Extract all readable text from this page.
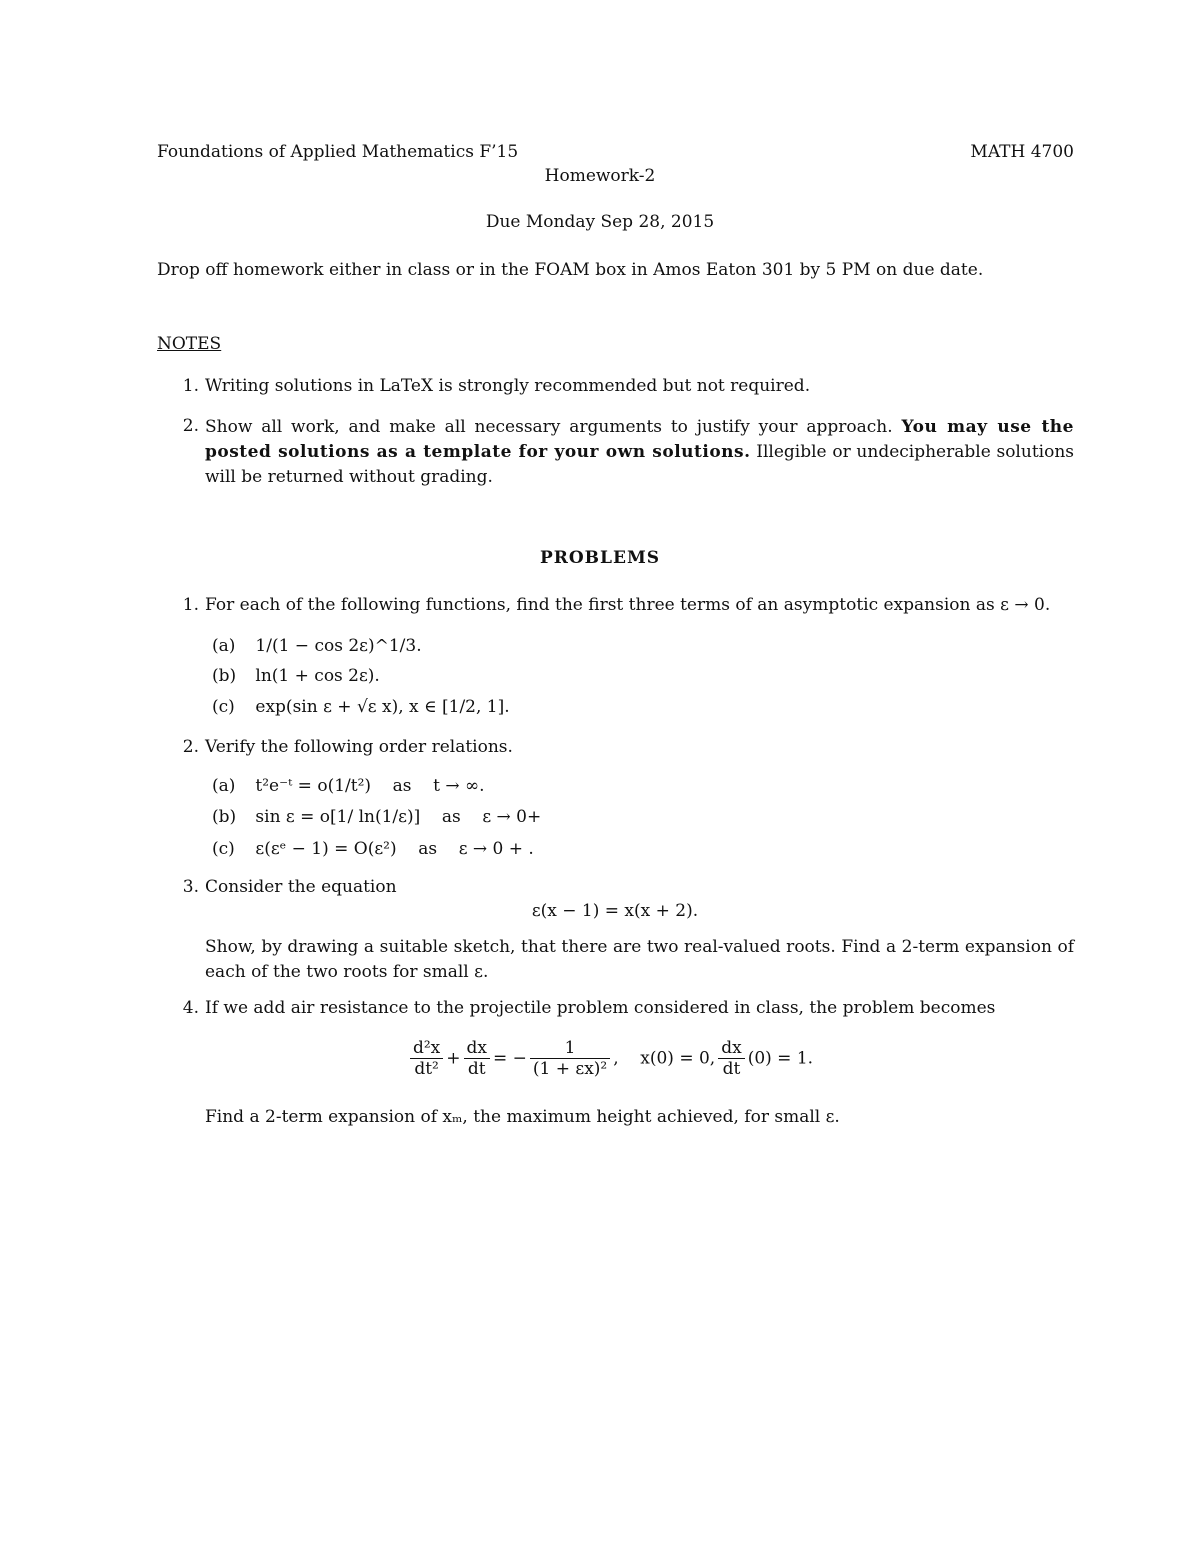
Foundations of Applied Mathematics F’15	MATH 4700
Homework-2
Due Monday Sep 28, 2015
Drop off homework either in class or in the FOAM box in Amos Eaton 301 by 5 PM on due date.
NOTES
1. Writing solutions in LaTeX is strongly recommended but not required.
2. Show all work, and make all necessary arguments to justify your approach. You may use the posted solutions as a template for your own solutions. Illegible or undecipherable solutions will be returned without grading.
PROBLEMS
1. For each of the following functions, find the first three terms of an asymptotic expansion as ε → 0.
(a) 1/(1 − cos 2ε)^1/3.
(b) ln(1 + cos 2ε).
(c) exp(sin ε + √ε x), x ∈ [1/2, 1].
2. Verify the following order relations.
(a) t²e⁻ᵗ = o(1/t²)    as    t → ∞.
(b) sin ε = o[1/ ln(1/ε)]    as    ε → 0+
(c) ε(εᵉ − 1) = O(ε²)    as    ε → 0 + .
3. Consider the equation
ε(x − 1) = x(x + 2).
Show, by drawing a suitable sketch, that there are two real-valued roots. Find a 2-term expansion of each of the two roots for small ε.
4. If we add air resistance to the projectile problem considered in class, the problem becomes
$\frac{\text{d²x}}{\text{dt²}} + \frac{dx}{dt}$ = − $\frac{1}{\text{(1 + εx)²}}$ ,    x(0) = 0, $\frac{dx}{dt} (0) = 1$.
Find a 2-term expansion of xₘ, the maximum height achieved, for small ε.
